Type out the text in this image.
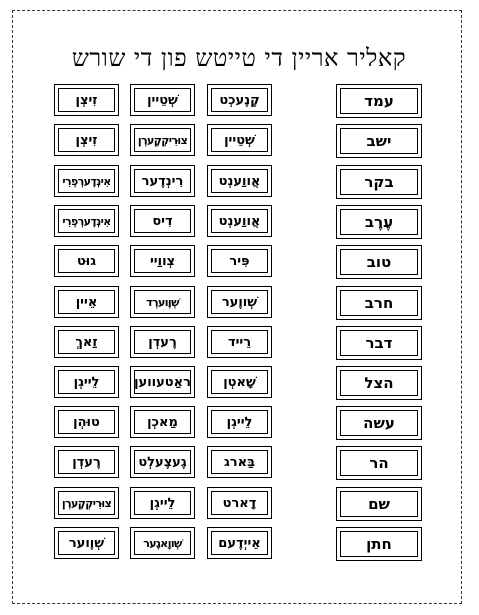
קאליר אריין די טייטש פון די שורש
עמד
קֶנֶעכְט
שְׁטֵיין
זִיצְן
ישב
שְׁטֵיין
צוּרִיקְקֶערְן
זִיצְן
בקר
אֲווַענְט
רִינְדֶער
אִינְדֶערְפְרִי
עֶרֶב
אֲווַענְט
דִיס
אִינְדֶערְפְרִי
טוב
פִּיר
צְווַיי
גוּט
חרב
שְׁווֶער
שְׁוֶוערְד
אֵיין
דבר
רֵייד
רֶעדְן
זַאךְ
הצל
שָׁאטְן
ראַטעווען
לֵייגְן
עשה
לֵייגְן
מַאכְן
טוּהְן
הר
בַּארג
גֶעצֶעלְט
רֶעדְן
שם
דָארט
לֵייגְן
צוּרִיקְקֶערְן
חתן
אֵייְדֶעם
שְׁווָאגֶער
שְׁוֶוער
